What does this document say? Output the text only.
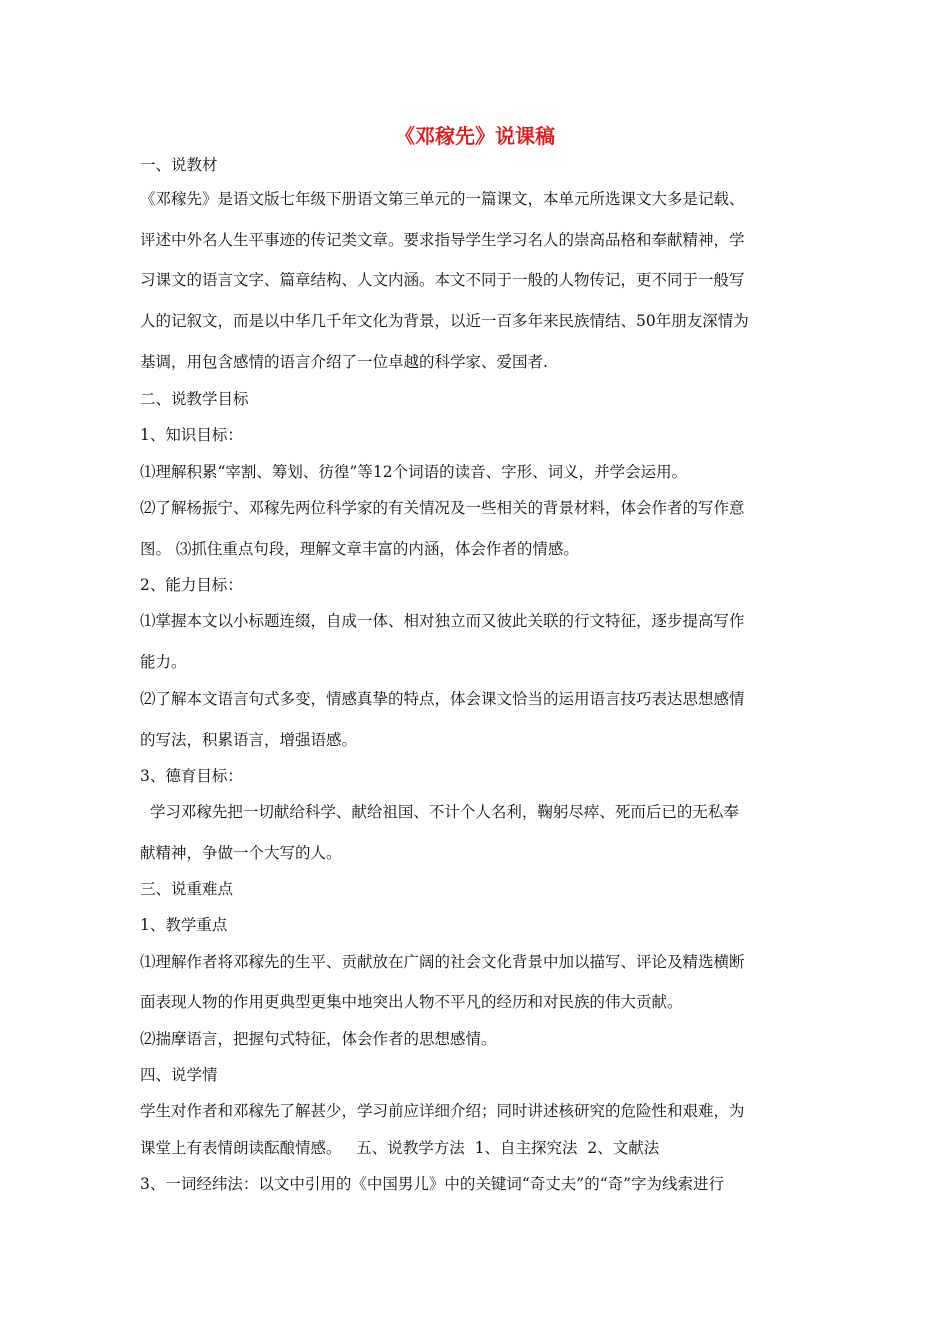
《邓稼先》说课稿
一、说教材
《邓稼先》是语文版七年级下册语文第三单元的一篇课文，本单元所选课文大多是记载、
评述中外名人生平事迹的传记类文章。要求指导学生学习名人的崇高品格和奉献精神，学
习课文的语言文字、篇章结构、人文内涵。本文不同于一般的人物传记，更不同于一般写
人的记叙文，而是以中华几千年文化为背景，以近一百多年来民族情结、50年朋友深情为
基调，用包含感情的语言介绍了一位卓越的科学家、爱国者.
二、说教学目标
1、知识目标：
⑴理解积累“宰割、筹划、彷徨”等12个词语的读音、字形、词义，并学会运用。
⑵了解杨振宁、邓稼先两位科学家的有关情况及一些相关的背景材料，体会作者的写作意
图。 ⑶抓住重点句段，理解文章丰富的内涵，体会作者的情感。
2、能力目标：
⑴掌握本文以小标题连缀，自成一体、相对独立而又彼此关联的行文特征，逐步提高写作
能力。
⑵了解本文语言句式多变，情感真挚的特点，体会课文恰当的运用语言技巧表达思想感情
的写法，积累语言，增强语感。
3、德育目标：
学习邓稼先把一切献给科学、献给祖国、不计个人名利，鞠躬尽瘁、死而后已的无私奉
献精神，争做一个大写的人。
三、说重难点
1、教学重点
⑴理解作者将邓稼先的生平、贡献放在广阔的社会文化背景中加以描写、评论及精选横断
面表现人物的作用更典型更集中地突出人物不平凡的经历和对民族的伟大贡献。
⑵揣摩语言，把握句式特征，体会作者的思想感情。
四、说学情
学生对作者和邓稼先了解甚少，学习前应详细介绍；同时讲述核研究的危险性和艰难，为
课堂上有表情朗读酝酿情感。   五、说教学方法  1、自主探究法  2、文献法
3、一词经纬法：以文中引用的《中国男儿》中的关键词“奇丈夫”的“奇”字为线索进行
